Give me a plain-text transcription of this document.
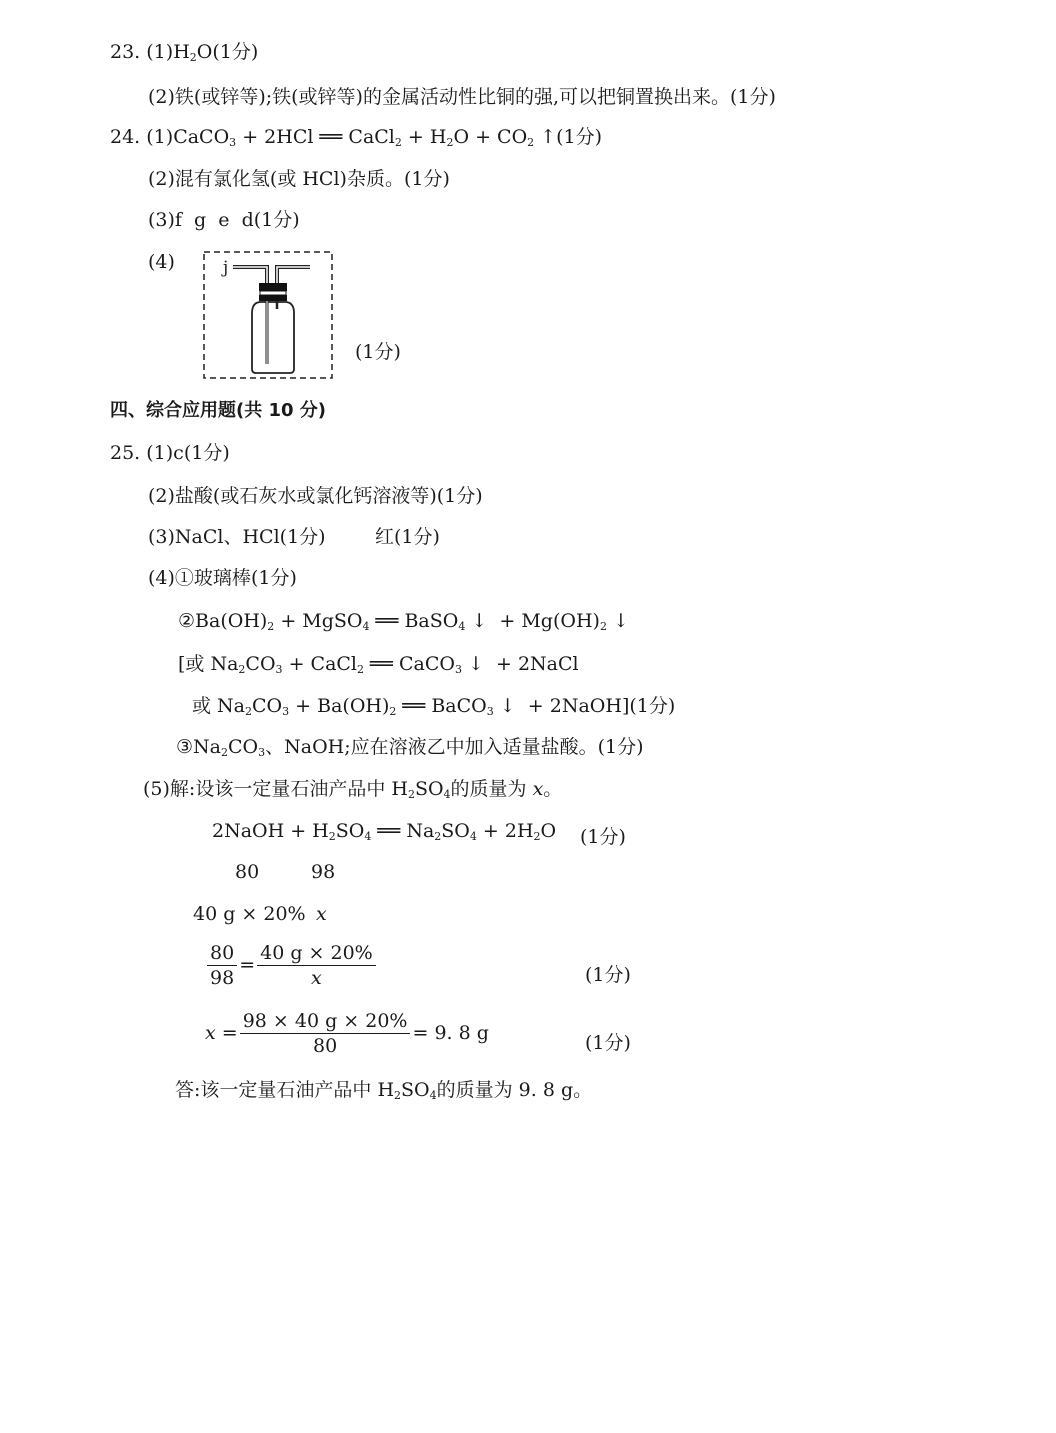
23. $(1)H_2O(1$分)
(2)铁(或锌等);铁(或锌等)的金属活动性比铜的强,可以把铜置换出来。(1分)
24. (1)CaCO$_3$ + 2HCl ══ CaCl$_2$ + $H_2O + CO_2$ ↑(1分)
(2)混有氯化氢(或 HCl)杂质。(1分)
(3)f  g  e  d(1分)
(4)	j
(1分)
四、综合应用题(共 10 分)
25. (1)c(1分)
(2)盐酸(或石灰水或氯化钙溶液等)(1分)
(3)NaCl、HCl(1分)	红(1分)
(4)①玻璃棒(1分)
$②Ba(OH)_2$ + MgSO$_4$ ══ BaSO$_4$ ↓  + $Mg(OH)_2$ ↓
[或 $Na_2CO_3$ + CaCl$_2$ ══ CaCO$_3$ ↓  + 2NaCl
或 $Na_2CO_3 + Ba(OH)_2$ ══ BaCO$_3$ ↓  + 2NaOH](1分)
$③Na_2CO_3$、NaOH;应在溶液乙中加入适量盐酸。(1分)
(5)解:设该一定量石油产品中 $H_2SO_4$的质量为 x。
2NaOH + $H_2SO_4$ ══ $Na_2SO_4 + 2H_2O$ (1分)
80	98
40 g × 20% x
$\frac{80}{98} = \frac{40 g \times 20\%}{x}$	(1分)
$x = \frac{98 \times 40 g \times 20\%}{80} = 9$. 8 g	(1分)
答:该一定量石油产品中 $H_2SO_4$的质量为 9. 8 g。
